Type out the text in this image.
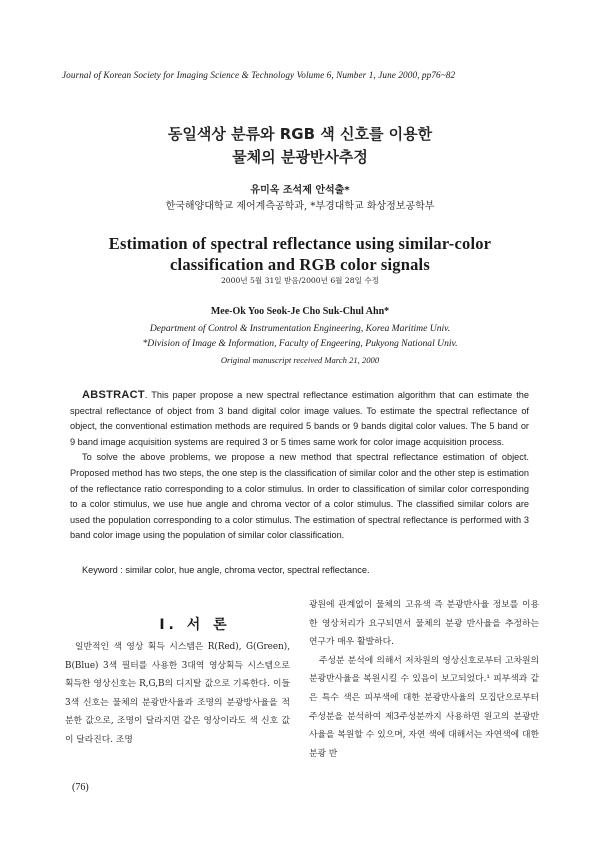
Journal of Korean Society for Imaging Science & Technology Volume 6, Number 1, June 2000, pp76~82
동일색상 분류와 RGB 색 신호를 이용한
물체의 분광반사추정
유미옥 조석제 안석출*
한국해양대학교 제어계측공학과, *부경대학교 화상정보공학부
Estimation of spectral reflectance using similar-color
classification and RGB color signals
2000년 5월 31일 받음/2000년 6월 28일 수정
Mee-Ok Yoo Seok-Je Cho Suk-Chul Ahn*
Department of Control & Instrumentation Engineering, Korea Maritime Univ.
*Division of Image & Information, Faculty of Engeering, Pukyong National Univ.
Original manuscript received March 21, 2000

ABSTRACT. This paper propose a new spectral reflectance estimation algorithm that can estimate the spectral reflectance of object from 3 band digital color image values. To estimate the spectral reflectance of object, the conventional estimation methods are required 5 bands or 9 bands digital color values. The 5 band or 9 band image acquisition systems are required 3 or 5 times same work for color image acquisition process.

To solve the above problems, we propose a new method that spectral reflectance estimation of object. Proposed method has two steps, the one step is the classification of similar color and the other step is estimation of the reflectance ratio corresponding to a color stimulus. In order to classification of similar color corresponding to a color stimulus, we use hue angle and chroma vector of a color stimulus. The classified similar colors are used the population corresponding to a color stimulus. The estimation of spectral reflectance is performed with 3 band color image using the population of similar color classification.

Keyword : similar color, hue angle, chroma vector, spectral reflectance.
Ⅰ. 서 론

일반적인 색 영상 획득 시스템은 R(Red), G(Green), B(Blue) 3색 필터를 사용한 3대역 영상획득 시스템으로 획득한 영상신호는 R,G,B의 디지탈 값으로 기록한다. 이들 3색 신호는 물체의 분광반사율과 조명의 분광방사율을 적분한 값으로, 조명이 달라지면 같은 영상이라도 색 신호 값이 달라진다. 조명

광원에 관계없이 물체의 고유색 즉 분광반사율 정보를 이용한 영상처리가 요구되면서 물체의 분광 반사율을 추정하는 연구가 매우 활발하다.

주성분 분석에 의해서 저차원의 영상신호로부터 고차원의 분광반사율을 복원시킬 수 있음이 보고되었다.¹ 피부색과 같은 특수 색은 피부색에 대한 분광반사율의 모집단으로부터 주성분을 분석하여 제3주성분까지 사용하면 원고의 분광반사율을 복원할 수 있으며, 자연 색에 대해서는 자연색에 대한 분광 반

(76)
